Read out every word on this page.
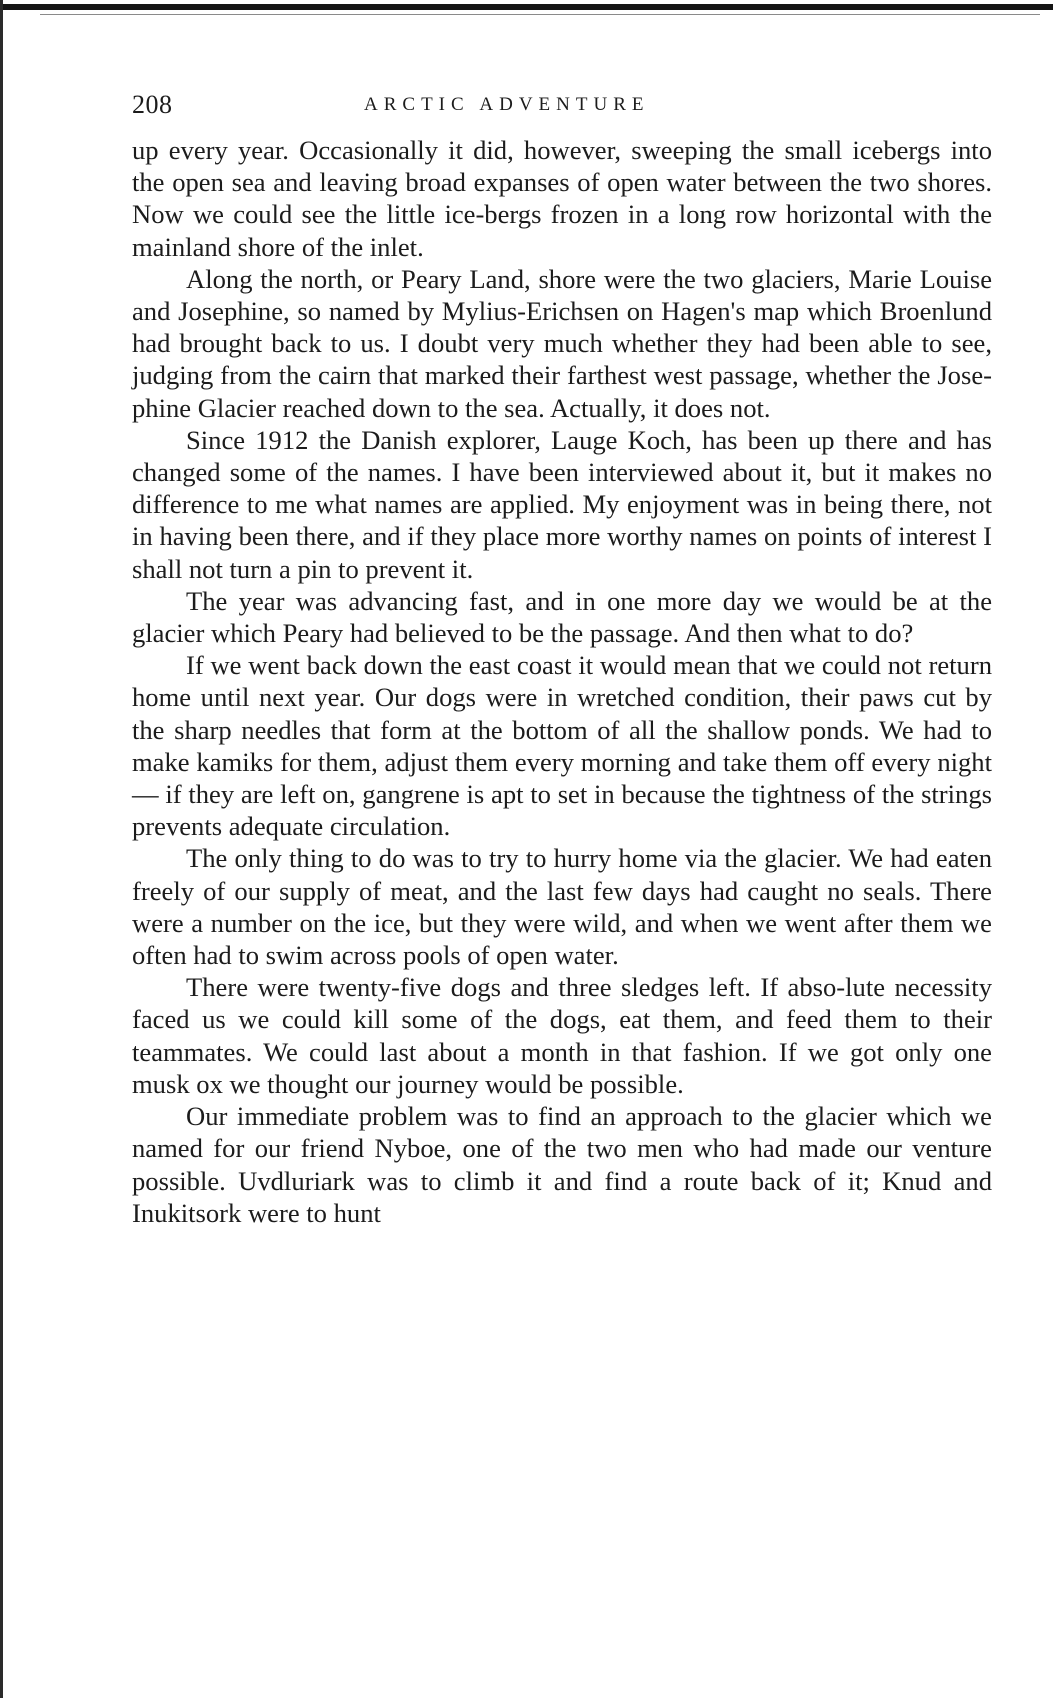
208	ARCTIC ADVENTURE

up every year. Occasionally it did, however, sweeping the small icebergs into the open sea and leaving broad expanses of open water between the two shores. Now we could see the little ice-bergs frozen in a long row horizontal with the mainland shore of the inlet.

Along the north, or Peary Land, shore were the two glaciers, Marie Louise and Josephine, so named by Mylius-Erichsen on Hagen's map which Broenlund had brought back to us. I doubt very much whether they had been able to see, judging from the cairn that marked their farthest west passage, whether the Jose-phine Glacier reached down to the sea. Actually, it does not.

Since 1912 the Danish explorer, Lauge Koch, has been up there and has changed some of the names. I have been interviewed about it, but it makes no difference to me what names are applied. My enjoyment was in being there, not in having been there, and if they place more worthy names on points of interest I shall not turn a pin to prevent it.

The year was advancing fast, and in one more day we would be at the glacier which Peary had believed to be the passage. And then what to do?

If we went back down the east coast it would mean that we could not return home until next year. Our dogs were in wretched condition, their paws cut by the sharp needles that form at the bottom of all the shallow ponds. We had to make kamiks for them, adjust them every morning and take them off every night— if they are left on, gangrene is apt to set in because the tightness of the strings prevents adequate circulation.

The only thing to do was to try to hurry home via the glacier. We had eaten freely of our supply of meat, and the last few days had caught no seals. There were a number on the ice, but they were wild, and when we went after them we often had to swim across pools of open water.

There were twenty-five dogs and three sledges left. If abso-lute necessity faced us we could kill some of the dogs, eat them, and feed them to their teammates. We could last about a month in that fashion. If we got only one musk ox we thought our journey would be possible.

Our immediate problem was to find an approach to the glacier which we named for our friend Nyboe, one of the two men who had made our venture possible. Uvdluriark was to climb it and find a route back of it; Knud and Inukitsork were to hunt
